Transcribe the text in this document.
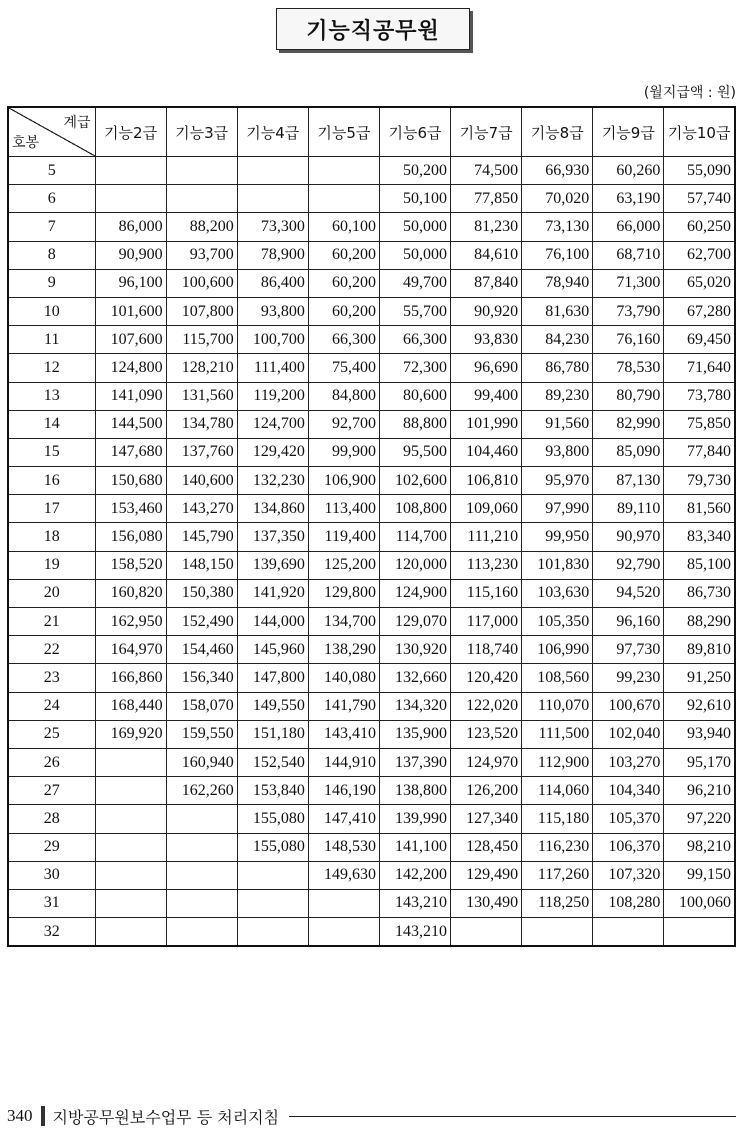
기능직공무원
(월지급액 : 원)
계급
호봉	기능2급	기능3급	기능4급	기능5급	기능6급	기능7급	기능8급	기능9급	기능10급
5					50,200	74,500	66,930	60,260	55,090
6					50,100	77,850	70,020	63,190	57,740
7	86,000	88,200	73,300	60,100	50,000	81,230	73,130	66,000	60,250
8	90,900	93,700	78,900	60,200	50,000	84,610	76,100	68,710	62,700
9	96,100	100,600	86,400	60,200	49,700	87,840	78,940	71,300	65,020
10	101,600	107,800	93,800	60,200	55,700	90,920	81,630	73,790	67,280
11	107,600	115,700	100,700	66,300	66,300	93,830	84,230	76,160	69,450
12	124,800	128,210	111,400	75,400	72,300	96,690	86,780	78,530	71,640
13	141,090	131,560	119,200	84,800	80,600	99,400	89,230	80,790	73,780
14	144,500	134,780	124,700	92,700	88,800	101,990	91,560	82,990	75,850
15	147,680	137,760	129,420	99,900	95,500	104,460	93,800	85,090	77,840
16	150,680	140,600	132,230	106,900	102,600	106,810	95,970	87,130	79,730
17	153,460	143,270	134,860	113,400	108,800	109,060	97,990	89,110	81,560
18	156,080	145,790	137,350	119,400	114,700	111,210	99,950	90,970	83,340
19	158,520	148,150	139,690	125,200	120,000	113,230	101,830	92,790	85,100
20	160,820	150,380	141,920	129,800	124,900	115,160	103,630	94,520	86,730
21	162,950	152,490	144,000	134,700	129,070	117,000	105,350	96,160	88,290
22	164,970	154,460	145,960	138,290	130,920	118,740	106,990	97,730	89,810
23	166,860	156,340	147,800	140,080	132,660	120,420	108,560	99,230	91,250
24	168,440	158,070	149,550	141,790	134,320	122,020	110,070	100,670	92,610
25	169,920	159,550	151,180	143,410	135,900	123,520	111,500	102,040	93,940
26		160,940	152,540	144,910	137,390	124,970	112,900	103,270	95,170
27		162,260	153,840	146,190	138,800	126,200	114,060	104,340	96,210
28			155,080	147,410	139,990	127,340	115,180	105,370	97,220
29			155,080	148,530	141,100	128,450	116,230	106,370	98,210
30				149,630	142,200	129,490	117,260	107,320	99,150
31					143,210	130,490	118,250	108,280	100,060
32					143,210				
340 지방공무원보수업무 등 처리지침
